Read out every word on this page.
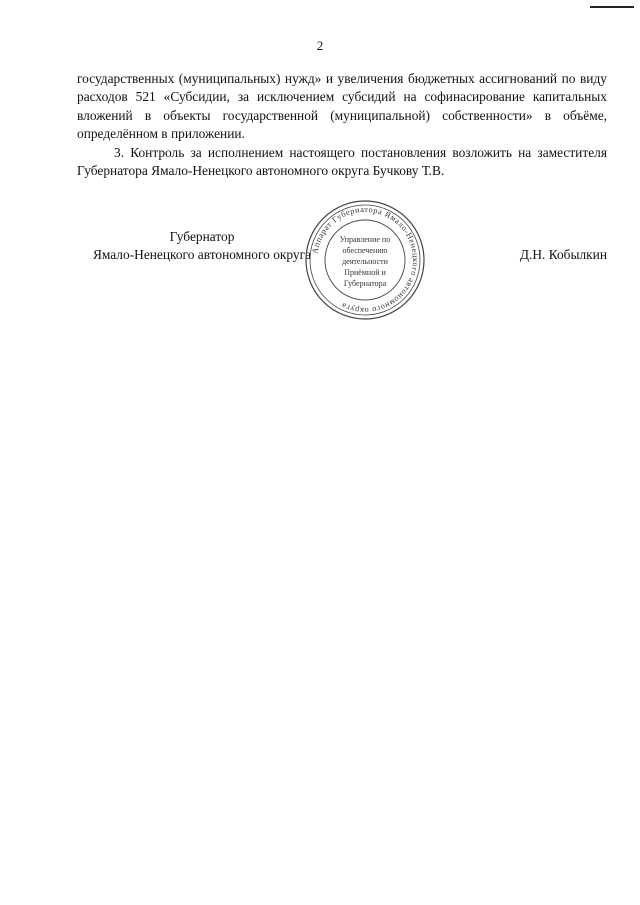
2

государственных (муниципальных) нужд» и увеличения бюджетных ассигнований по виду расходов 521 «Субсидии, за исключением субсидий на софинасирование капитальных вложений в объекты государственной (муниципальной) собственности» в объёме, определённом в приложении.

3. Контроль за исполнением настоящего постановления возложить на заместителя Губернатора Ямало-Ненецкого автономного округа Бучкову Т.В.

Губернатор
Ямало-Ненецкого автономного округа Аппарат Губернатора Ямало-Ненецкого автономного округа
Управление по
обеспечению
деятельности
Приёмной и
Губернатора
Д.Н. Кобылкин
